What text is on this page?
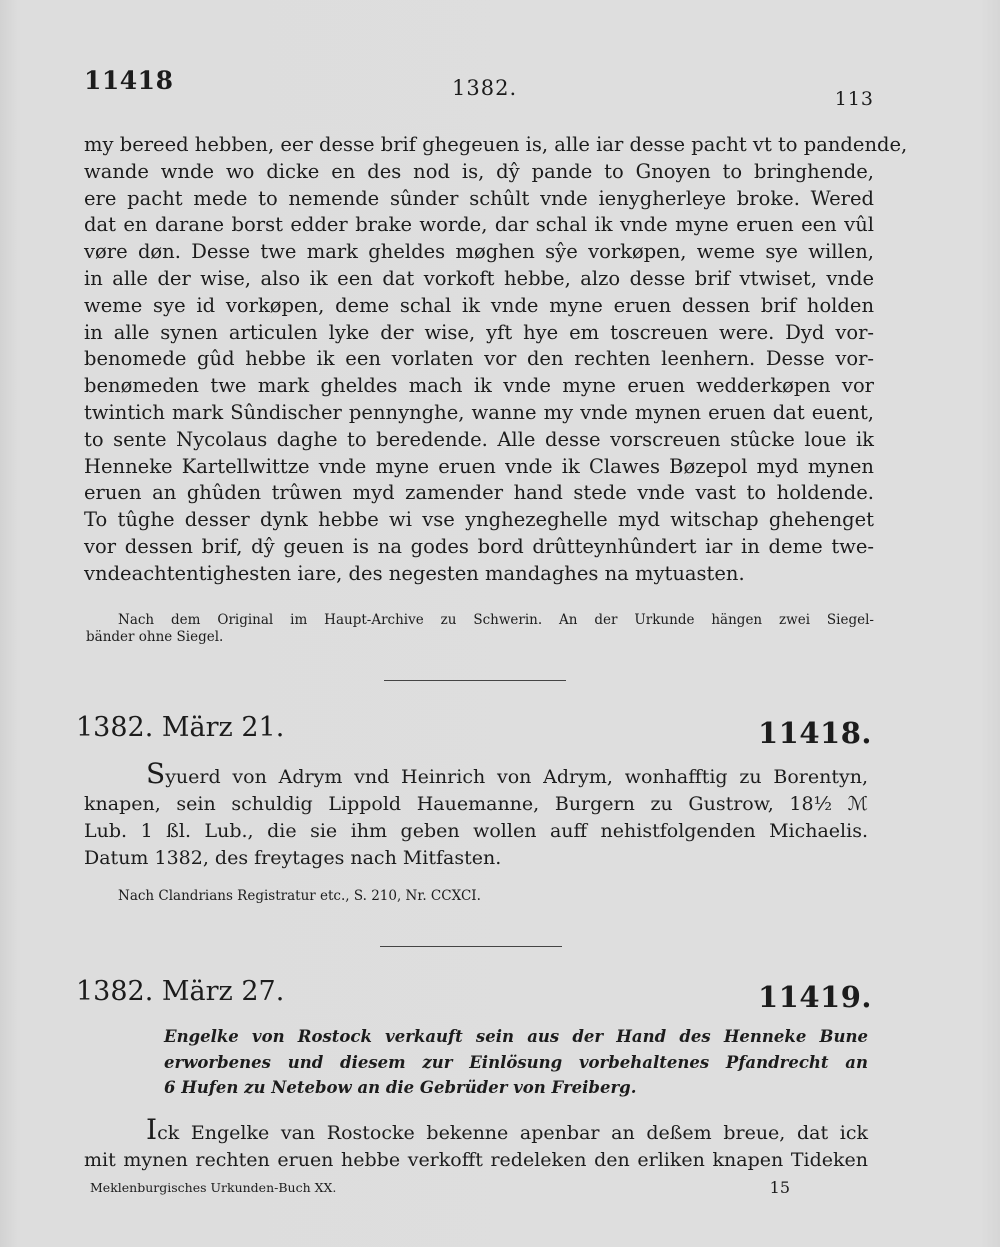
11418	1382.	113
my bereed hebben, eer desse brif ghegeuen is, alle iar desse pacht vt to pandende,
wande wnde wo dicke en des nod is, dŷ pande to Gnoyen to bringhende,
ere pacht mede to nemende sûnder schûlt vnde ienygherleye broke. Wered
dat en darane borst edder brake worde, dar schal ik vnde myne eruen een vûl
vøre døn. Desse twe mark gheldes møghen sŷe vorkøpen, weme sye willen,
in alle der wise, also ik een dat vorkoft hebbe, alzo desse brif vtwiset, vnde
weme sye id vorkøpen, deme schal ik vnde myne eruen dessen brif holden
in alle synen articulen lyke der wise, yft hye em toscreuen were. Dyd vor-
benomede gûd hebbe ik een vorlaten vor den rechten leenhern. Desse vor-
benømeden twe mark gheldes mach ik vnde myne eruen wedderkøpen vor
twintich mark Sûndischer pennynghe, wanne my vnde mynen eruen dat euent,
to sente Nycolaus daghe to beredende. Alle desse vorscreuen stûcke loue ik
Henneke Kartellwittze vnde myne eruen vnde ik Clawes Bøzepol myd mynen
eruen an ghûden trûwen myd zamender hand stede vnde vast to holdende.
To tûghe desser dynk hebbe wi vse ynghezeghelle myd witschap ghehenget
vor dessen brif, dŷ geuen is na godes bord drûtteynhûndert iar in deme twe-
vndeachtentighesten iare, des negesten mandaghes na mytuasten.
Nach dem Original im Haupt-Archive zu Schwerin. An der Urkunde hängen zwei Siegel-
bänder ohne Siegel.
1382. März 21.	11418.
Syuerd von Adrym vnd Heinrich von Adrym, wonhafftig zu Borentyn,
knapen, sein schuldig Lippold Hauemanne, Burgern zu Gustrow, 18½ ℳ
Lub. 1 ßl. Lub., die sie ihm geben wollen auff nehistfolgenden Michaelis.
Datum 1382, des freytages nach Mitfasten.
Nach Clandrians Registratur etc., S. 210, Nr. CCXCI.
1382. März 27.	11419.
Engelke von Rostock verkauft sein aus der Hand des Henneke Bune
erworbenes und diesem zur Einlösung vorbehaltenes Pfandrecht an
6 Hufen zu Netebow an die Gebrüder von Freiberg.
Ick Engelke van Rostocke bekenne apenbar an deßem breue, dat ick
mit mynen rechten eruen hebbe verkofft redeleken den erliken knapen Tideken
Meklenburgisches Urkunden-Buch XX.	15
